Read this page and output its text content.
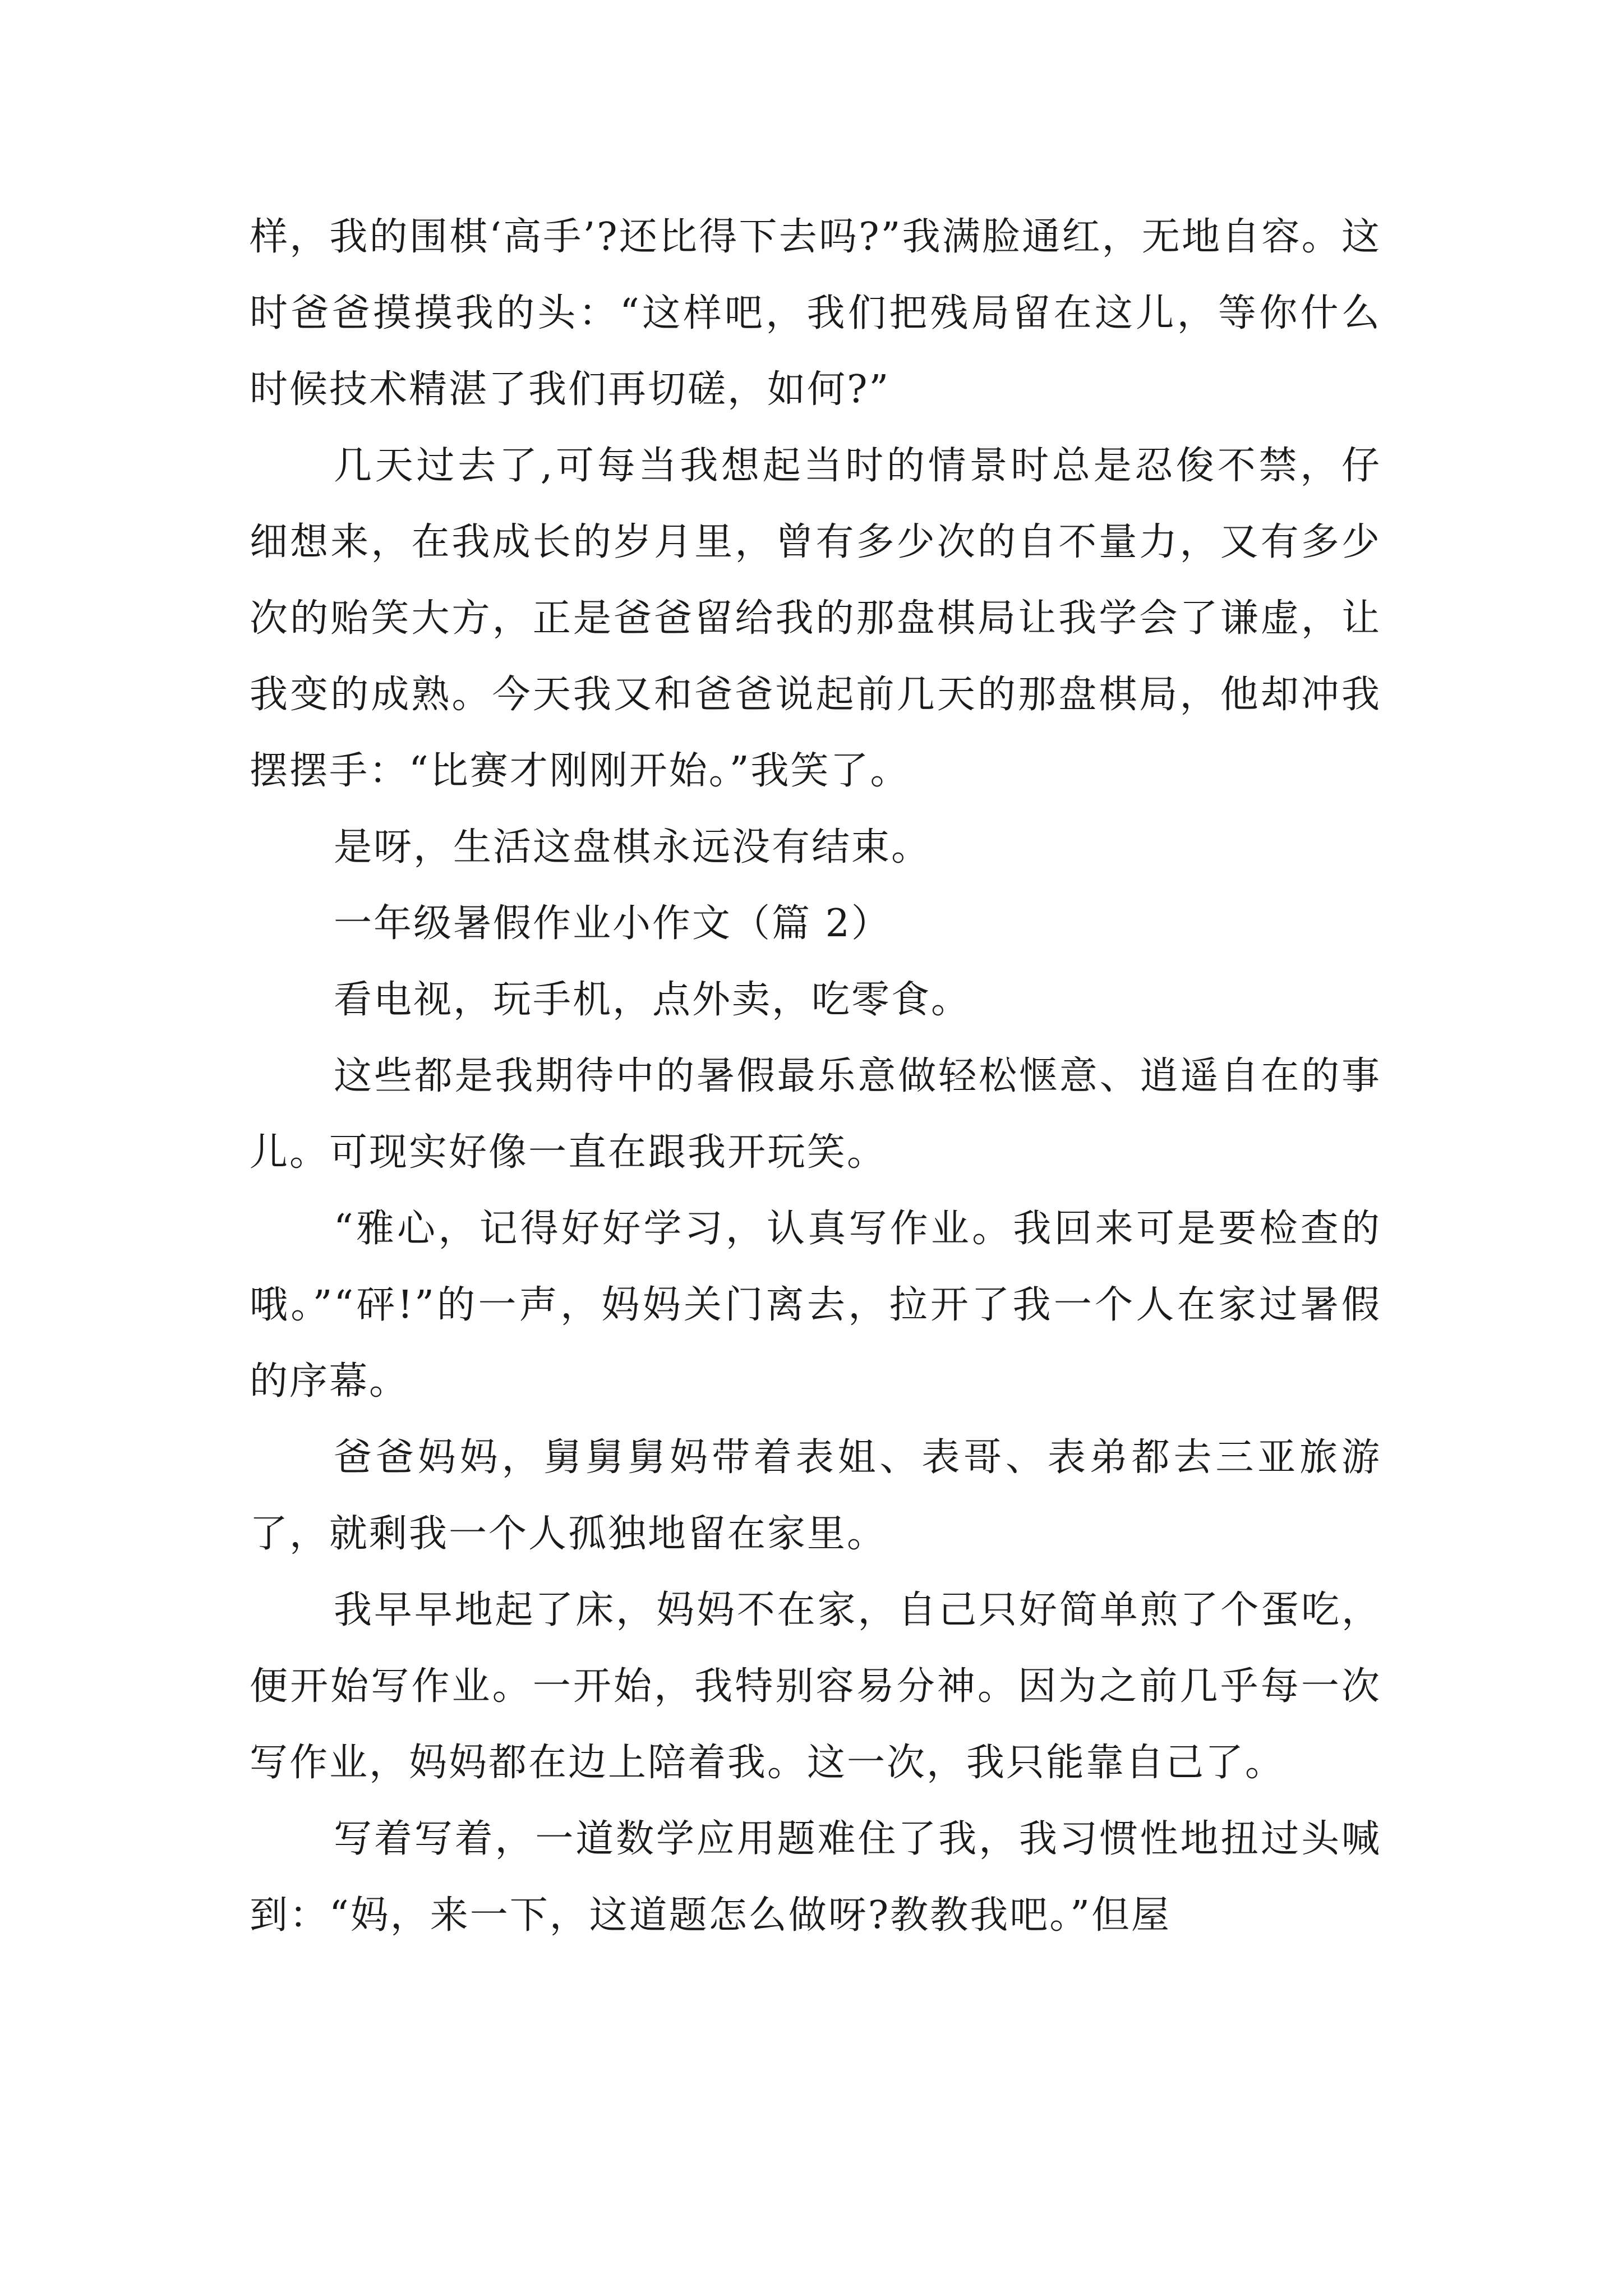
样，我的围棋‘高手’?还比得下去吗?”我满脸通红，无地自容。这时爸爸摸摸我的头：“这样吧，我们把残局留在这儿，等你什么时候技术精湛了我们再切磋，如何?”

几天过去了,可每当我想起当时的情景时总是忍俊不禁，仔细想来，在我成长的岁月里，曾有多少次的自不量力，又有多少次的贻笑大方，正是爸爸留给我的那盘棋局让我学会了谦虚，让我变的成熟。今天我又和爸爸说起前几天的那盘棋局，他却冲我摆摆手：“比赛才刚刚开始。”我笑了。

是呀，生活这盘棋永远没有结束。

一年级暑假作业小作文（篇 2）

看电视，玩手机，点外卖，吃零食。

这些都是我期待中的暑假最乐意做轻松惬意、逍遥自在的事儿。可现实好像一直在跟我开玩笑。

“雅心，记得好好学习，认真写作业。我回来可是要检查的哦。”“砰!”的一声，妈妈关门离去，拉开了我一个人在家过暑假的序幕。

爸爸妈妈，舅舅舅妈带着表姐、表哥、表弟都去三亚旅游了，就剩我一个人孤独地留在家里。

我早早地起了床，妈妈不在家，自己只好简单煎了个蛋吃，便开始写作业。一开始，我特别容易分神。因为之前几乎每一次写作业，妈妈都在边上陪着我。这一次，我只能靠自己了。

写着写着，一道数学应用题难住了我，我习惯性地扭过头喊到：“妈，来一下，这道题怎么做呀?教教我吧。”但屋
